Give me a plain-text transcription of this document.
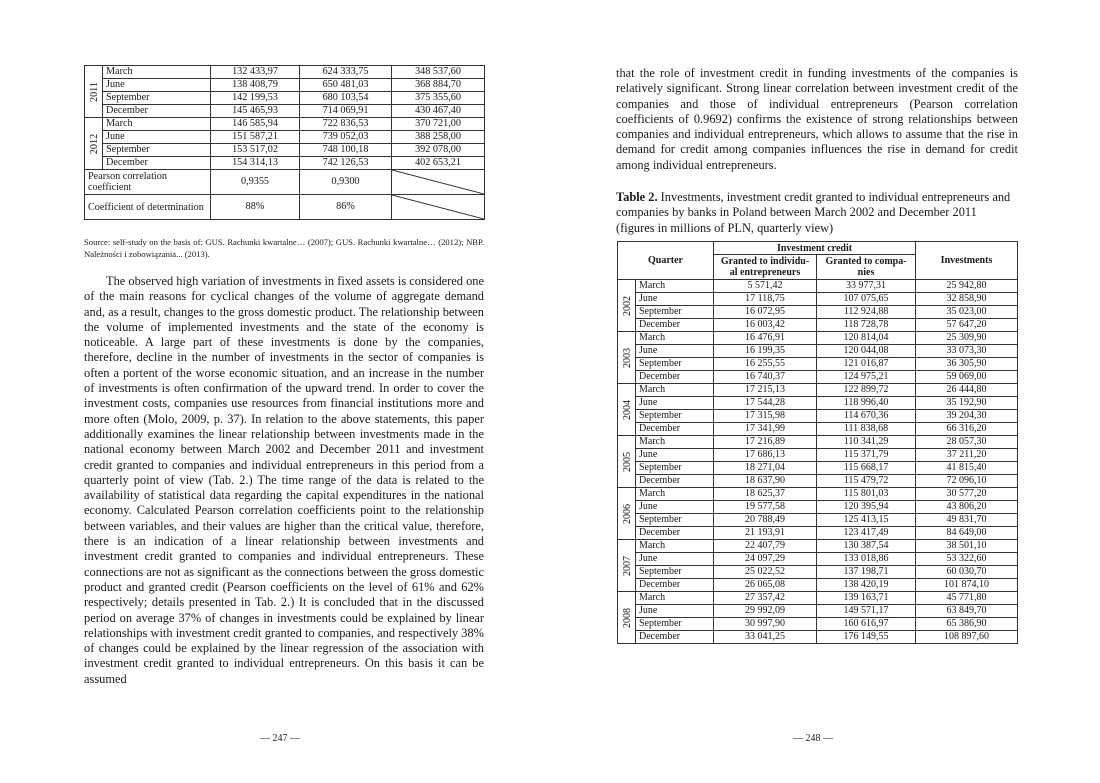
2011	March	132 433,97	624 333,75	348 537,60
	June	138 408,79	650 481,03	368 884,70
	September	142 199,53	680 103,54	375 355,60
	December	145 465,93	714 069,91	430 467,40
2012	March	146 585,94	722 836,53	370 721,00
	June	151 587,21	739 052,03	388 258,00
	September	153 517,02	748 100,18	392 078,00
	December	154 314,13	742 126,53	402 653,21
Pearson correlation coefficient		0,9355	0,9300	

Coefficient of determination		88%	86%	

Source: self-study on the basis of: GUS. Rachunki kwartalne… (2007); GUS. Rachunki kwartalne… (2012); NBP. Należności i zobowiązania... (2013).

The observed high variation of investments in fixed assets is considered one of the main reasons for cyclical changes of the volume of aggregate demand and, as a result, changes to the gross domestic product. The relationship between the volume of implemented investments and the state of the economy is noticeable. A large part of these investments is done by the companies, therefore, decline in the number of investments in the sector of companies is often a portent of the worse economic situation, and an increase in the number of investments is often confirmation of the upward trend. In order to cover the investment costs, companies use resources from financial institutions more and more often (Molo, 2009, p. 37). In relation to the above statements, this paper additionally examines the linear relationship between investments made in the national economy between March 2002 and December 2011 and investment credit granted to companies and individual entrepreneurs in this period from a quarterly point of view (Tab. 2.) The time range of the data is related to the availability of statistical data regarding the capital expenditures in the national economy. Calculated Pearson correlation coefficients point to the relationship between variables, and their values are higher than the critical value, therefore, there is an indication of a linear relationship between investments and investment credit granted to companies and individual entrepreneurs. These connections are not as significant as the connections between the gross domestic product and granted credit (Pearson coefficients on the level of 61% and 62% respectively; details presented in Tab. 2.) It is concluded that in the discussed period on average 37% of changes in investments could be explained by linear relationships with investment credit granted to companies, and respectively 38% of changes could be explained by the linear regression of the association with investment credit granted to individual entrepreneurs. On this basis it can be assumed

— 247 —

that the role of investment credit in funding investments of the companies is relatively significant. Strong linear correlation between investment credit of the companies and those of individual entrepreneurs (Pearson correlation coefficients of 0.9692) confirms the existence of strong relationships between companies and individual entrepreneurs, which allows to assume that the rise in demand for credit among companies influences the rise in demand for credit among individual entrepreneurs.

Table 2. Investments, investment credit granted to individual entrepreneurs and companies by banks in Poland between March 2002 and December 2011 (figures in millions of PLN, quarterly view)

Quarter		Investment credit		Investments
		Granted to individu- al entrepreneurs	Granted to compa- nies	
2002	March	5 571,42	33 977,31	25 942,80
	June	17 118,75	107 075,65	32 858,90
	September	16 072,95	112 924,88	35 023,00
	December	16 003,42	118 728,78	57 647,20
2003	March	16 476,91	120 814,04	25 309,90
	June	16 199,35	120 044,08	33 073,30
	September	16 255,55	121 016,87	36 305,90
	December	16 740,37	124 975,21	59 069,00
2004	March	17 215,13	122 899,72	26 444,80
	June	17 544,28	118 996,40	35 192,90
	September	17 315,98	114 670,36	39 204,30
	December	17 341,99	111 838,68	66 316,20
2005	March	17 216,89	110 341,29	28 057,30
	June	17 686,13	115 371,79	37 211,20
	September	18 271,04	115 668,17	41 815,40
	December	18 637,90	115 479,72	72 096,10
2006	March	18 625,37	115 801,03	30 577,20
	June	19 577,58	120 395,94	43 806,20
	September	20 788,49	125 413,15	49 831,70
	December	21 193,91	123 417,49	84 649,00
2007	March	22 407,79	130 387,54	38 501,10
	June	24 097,29	133 018,86	53 322,60
	September	25 022,52	137 198,71	60 030,70
	December	26 065,08	138 420,19	101 874,10
2008	March	27 357,42	139 163,71	45 771,80
	June	29 992,09	149 571,17	63 849,70
	September	30 997,90	160 616,97	65 386,90
	December	33 041,25	176 149,55	108 897,60
— 248 —
